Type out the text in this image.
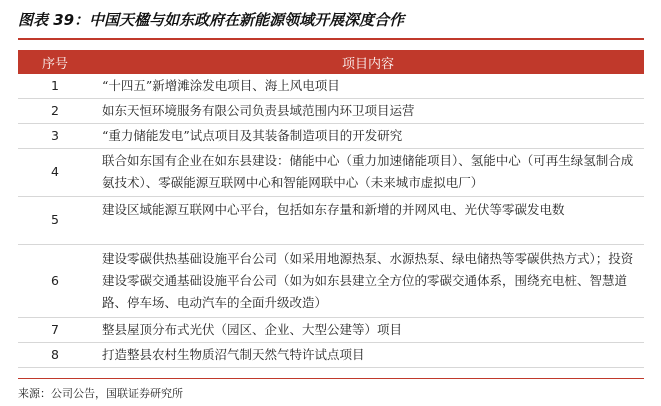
图表 39：中国天楹与如东政府在新能源领域开展深度合作
序号	项目内容
1	“十四五”新增滩涂发电项目、海上风电项目
2	如东天恒环境服务有限公司负责县域范围内环卫项目运营
3	“重力储能发电”试点项目及其装备制造项目的开发研究
4	联合如东国有企业在如东县建设：储能中心（重力加速储能项目）、氢能中心（可再生绿氢制合成氨技术）、零碳能源互联网中心和智能网联中心（未来城市虚拟电厂）
5	建设区域能源互联网中心平台，包括如东存量和新增的并网风电、光伏等零碳发电数
6	建设零碳供热基础设施平台公司（如采用地源热泵、水源热泵、绿电储热等零碳供热方式）；投资建设零碳交通基础设施平台公司（如为如东县建立全方位的零碳交通体系，围绕充电桩、智慧道路、停车场、电动汽车的全面升级改造）
7	整县屋顶分布式光伏（园区、企业、大型公建等）项目
8	打造整县农村生物质沼气制天然气特许试点项目
来源：公司公告，国联证券研究所
